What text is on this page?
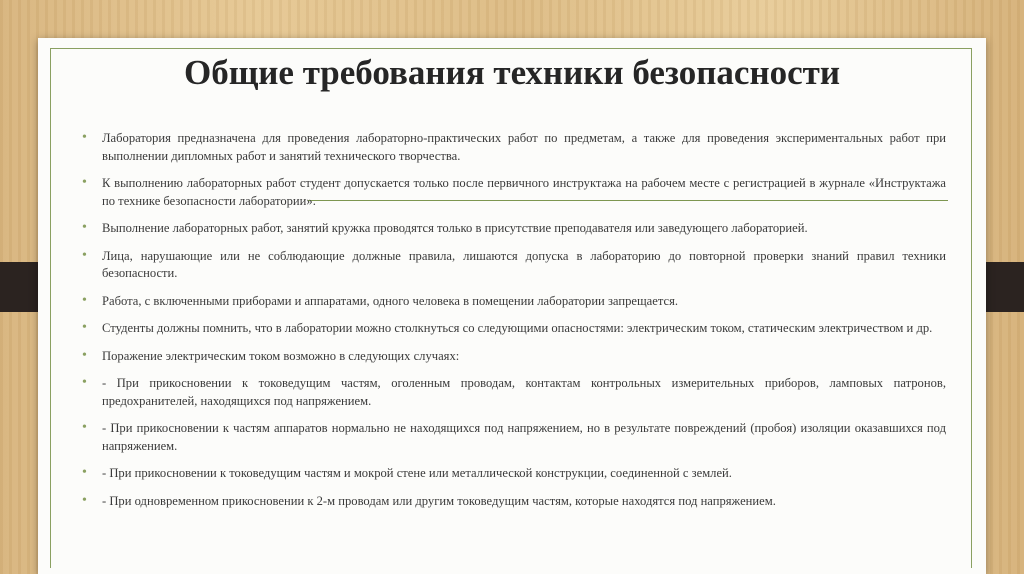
Общие требования техники безопасности
• Лаборатория предназначена для проведения лабораторно-практических работ по предметам, а также для проведения экспериментальных работ при выполнении дипломных работ и занятий технического творчества.
• К выполнению лабораторных работ студент допускается только после первичного инструктажа на рабочем месте с регистрацией в журнале «Инструктажа по технике безопасности лаборатории».
• Выполнение лабораторных работ, занятий кружка проводятся только в присутствие преподавателя или заведующего лабораторией.
• Лица, нарушающие или не соблюдающие должные правила, лишаются допуска в лабораторию до повторной проверки знаний правил техники безопасности.
• Работа, с включенными приборами и аппаратами, одного человека в помещении лаборатории запрещается.
• Студенты должны помнить, что в лаборатории можно столкнуться со следующими опасностями: электрическим током, статическим электричеством и др.
• Поражение электрическим током возможно в следующих случаях:
• - При прикосновении к токоведущим частям, оголенным проводам, контактам контрольных измерительных приборов, ламповых патронов, предохранителей, находящихся под напряжением.
• - При прикосновении к частям аппаратов нормально не находящихся под напряжением, но в результате повреждений (пробоя) изоляции оказавшихся под напряжением.
• - При прикосновении к токоведущим частям и мокрой стене или металлической конструкции, соединенной с землей.
• - При одновременном прикосновении к 2-м проводам или другим токоведущим частям, которые находятся под напряжением.
